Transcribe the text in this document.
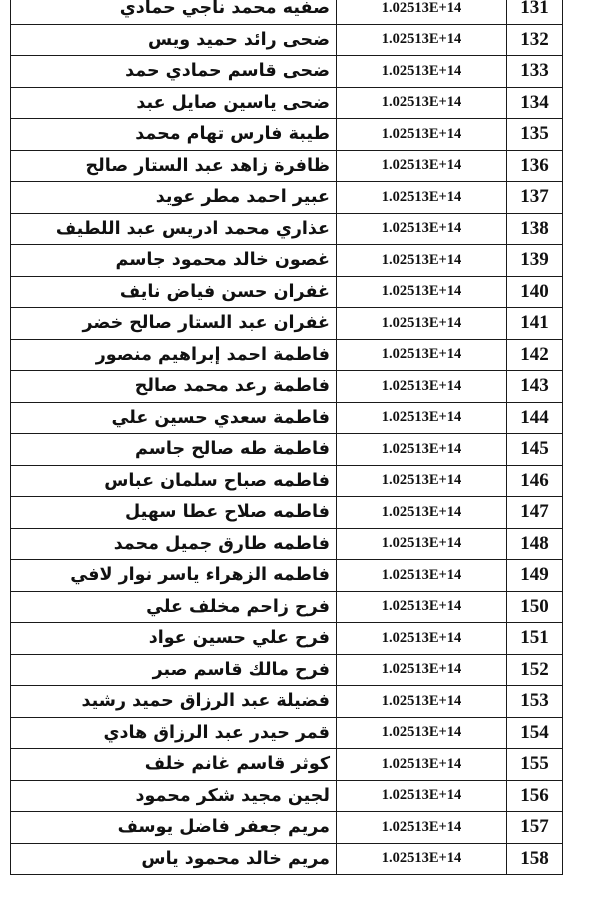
صفيه محمد ناجي حمادي	1.02513E+14	131
ضحى رائد حميد ويس	1.02513E+14	132
ضحى قاسم حمادي حمد	1.02513E+14	133
ضحى ياسين صايل عبد	1.02513E+14	134
طيبة فارس تهام محمد	1.02513E+14	135
ظافرة زاهد عبد الستار صالح	1.02513E+14	136
عبير احمد مطر عويد	1.02513E+14	137
عذاري محمد ادريس عبد اللطيف	1.02513E+14	138
غصون خالد محمود جاسم	1.02513E+14	139
غفران حسن فياض نايف	1.02513E+14	140
غفران عبد الستار صالح خضر	1.02513E+14	141
فاطمة احمد إبراهيم منصور	1.02513E+14	142
فاطمة رعد محمد صالح	1.02513E+14	143
فاطمة سعدي حسين علي	1.02513E+14	144
فاطمة طه صالح جاسم	1.02513E+14	145
فاطمه صباح سلمان عباس	1.02513E+14	146
فاطمه صلاح عطا سهيل	1.02513E+14	147
فاطمه طارق جميل محمد	1.02513E+14	148
فاطمه الزهراء ياسر نوار لافي	1.02513E+14	149
فرح زاحم مخلف علي	1.02513E+14	150
فرح علي حسين عواد	1.02513E+14	151
فرح مالك قاسم صبر	1.02513E+14	152
فضيلة عبد الرزاق حميد رشيد	1.02513E+14	153
قمر حيدر عبد الرزاق هادي	1.02513E+14	154
كوثر قاسم غانم خلف	1.02513E+14	155
لجين مجيد شكر محمود	1.02513E+14	156
مريم جعفر فاضل يوسف	1.02513E+14	157
مريم خالد محمود ياس	1.02513E+14	158
